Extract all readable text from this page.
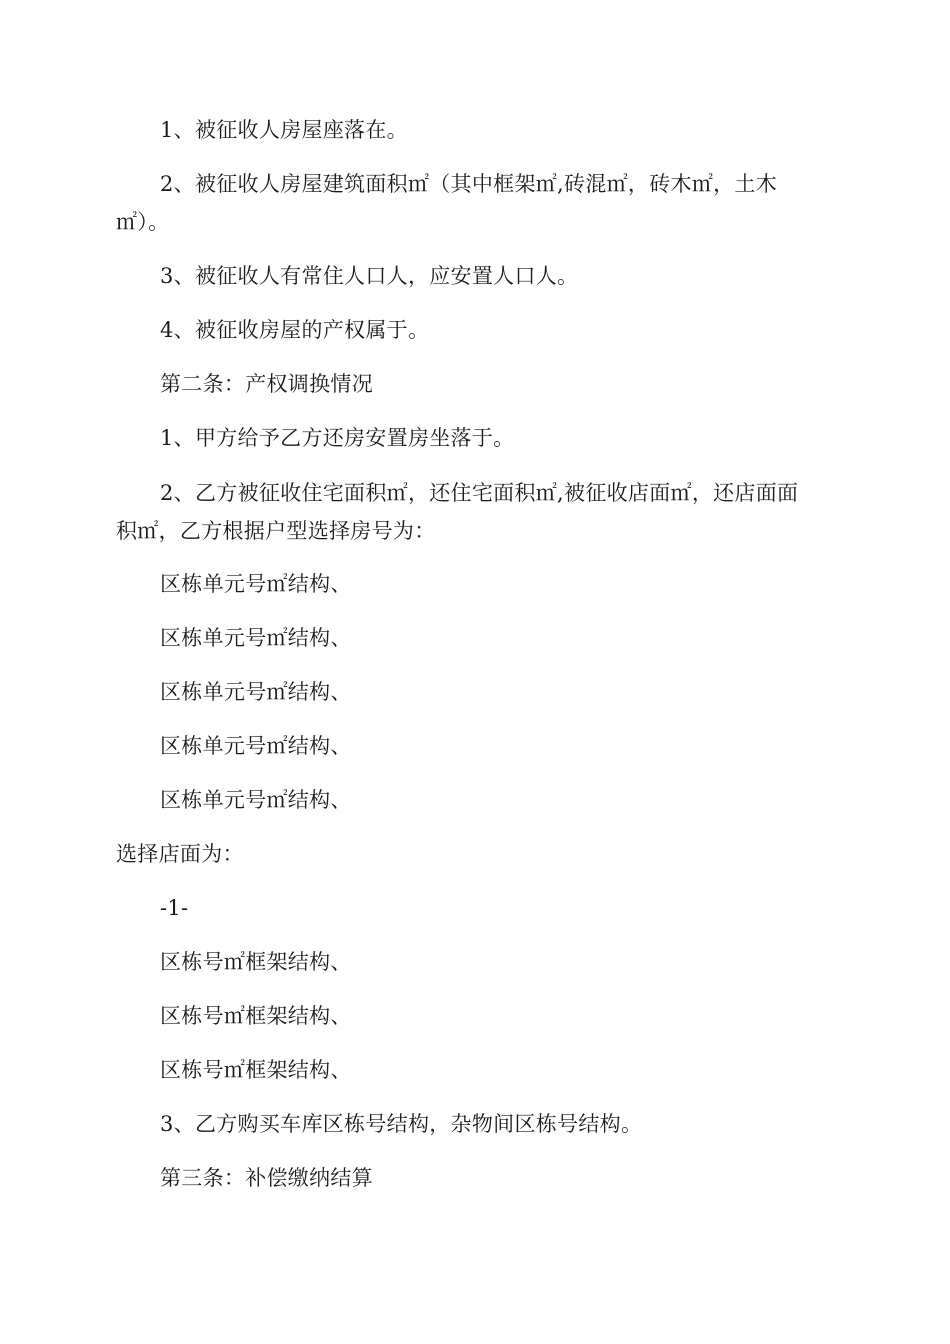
1、被征收人房屋座落在。
2、被征收人房屋建筑面积㎡（其中框架㎡,砖混㎡，砖木㎡，土木
㎡）。
3、被征收人有常住人口人，应安置人口人。
4、被征收房屋的产权属于。
第二条：产权调换情况
1、甲方给予乙方还房安置房坐落于。
2、乙方被征收住宅面积㎡，还住宅面积㎡,被征收店面㎡，还店面面
积㎡，乙方根据户型选择房号为：
区栋单元号㎡结构、
区栋单元号㎡结构、
区栋单元号㎡结构、
区栋单元号㎡结构、
区栋单元号㎡结构、
选择店面为：
-1-
区栋号㎡框架结构、
区栋号㎡框架结构、
区栋号㎡框架结构、
3、乙方购买车库区栋号结构，杂物间区栋号结构。
第三条：补偿缴纳结算
